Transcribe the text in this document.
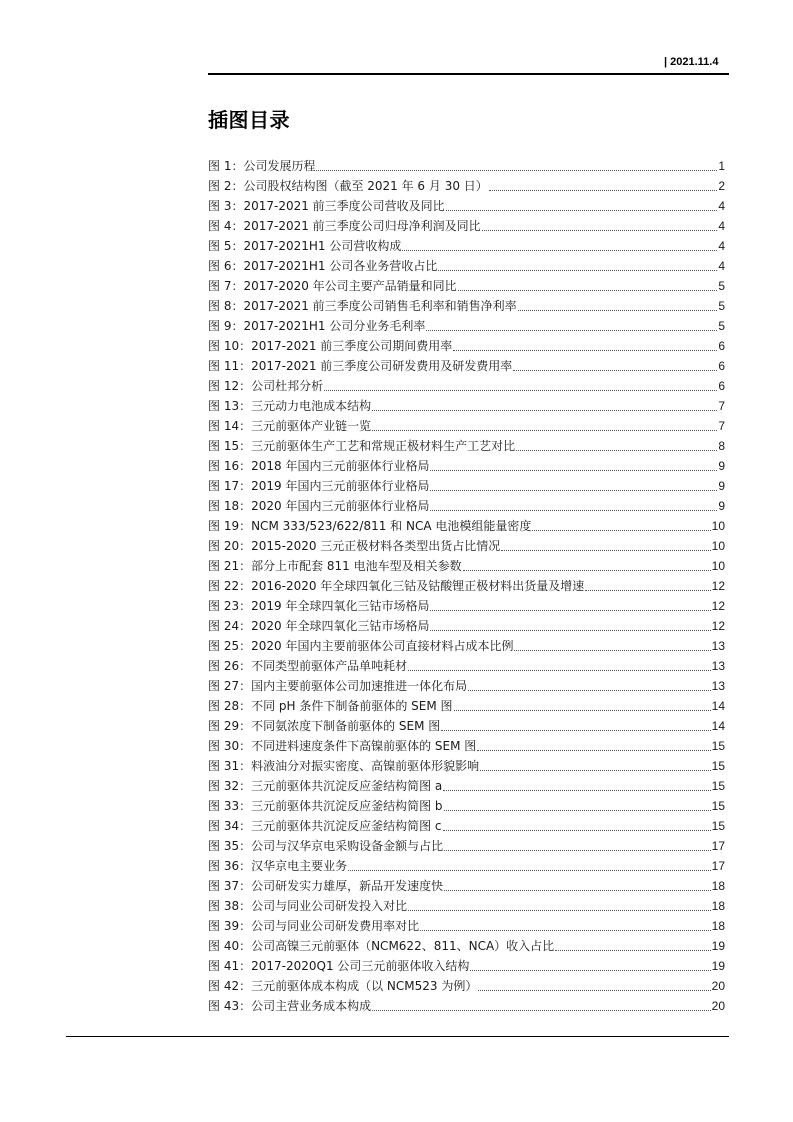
| 2021.11.4
插图目录
图 1：公司发展历程	1
图 2：公司股权结构图（截至 2021 年 6 月 30 日）	2
图 3：2017-2021 前三季度公司营收及同比	4
图 4：2017-2021 前三季度公司归母净利润及同比	4
图 5：2017-2021H1 公司营收构成	4
图 6：2017-2021H1 公司各业务营收占比	4
图 7：2017-2020 年公司主要产品销量和同比	5
图 8：2017-2021 前三季度公司销售毛利率和销售净利率	5
图 9：2017-2021H1 公司分业务毛利率	5
图 10：2017-2021 前三季度公司期间费用率	6
图 11：2017-2021 前三季度公司研发费用及研发费用率	6
图 12：公司杜邦分析	6
图 13：三元动力电池成本结构	7
图 14：三元前驱体产业链一览	7
图 15：三元前驱体生产工艺和常规正极材料生产工艺对比	8
图 16：2018 年国内三元前驱体行业格局	9
图 17：2019 年国内三元前驱体行业格局	9
图 18：2020 年国内三元前驱体行业格局	9
图 19：NCM 333/523/622/811 和 NCA 电池模组能量密度	10
图 20：2015-2020 三元正极材料各类型出货占比情况	10
图 21：部分上市配套 811 电池车型及相关参数	10
图 22：2016-2020 年全球四氧化三钴及钴酸锂正极材料出货量及增速	12
图 23：2019 年全球四氧化三钴市场格局	12
图 24：2020 年全球四氧化三钴市场格局	12
图 25：2020 年国内主要前驱体公司直接材料占成本比例	13
图 26：不同类型前驱体产品单吨耗材	13
图 27：国内主要前驱体公司加速推进一体化布局	13
图 28：不同 pH 条件下制备前驱体的 SEM 图	14
图 29：不同氨浓度下制备前驱体的 SEM 图	14
图 30：不同进料速度条件下高镍前驱体的 SEM 图	15
图 31：料液油分对振实密度、高镍前驱体形貌影响	15
图 32：三元前驱体共沉淀反应釜结构简图 a	15
图 33：三元前驱体共沉淀反应釜结构简图 b	15
图 34：三元前驱体共沉淀反应釜结构简图 c	15
图 35：公司与汉华京电采购设备金额与占比	17
图 36：汉华京电主要业务	17
图 37：公司研发实力雄厚，新品开发速度快	18
图 38：公司与同业公司研发投入对比	18
图 39：公司与同业公司研发费用率对比	18
图 40：公司高镍三元前驱体（NCM622、811、NCA）收入占比	19
图 41：2017-2020Q1 公司三元前驱体收入结构	19
图 42：三元前驱体成本构成（以 NCM523 为例）	20
图 43：公司主营业务成本构成	20
